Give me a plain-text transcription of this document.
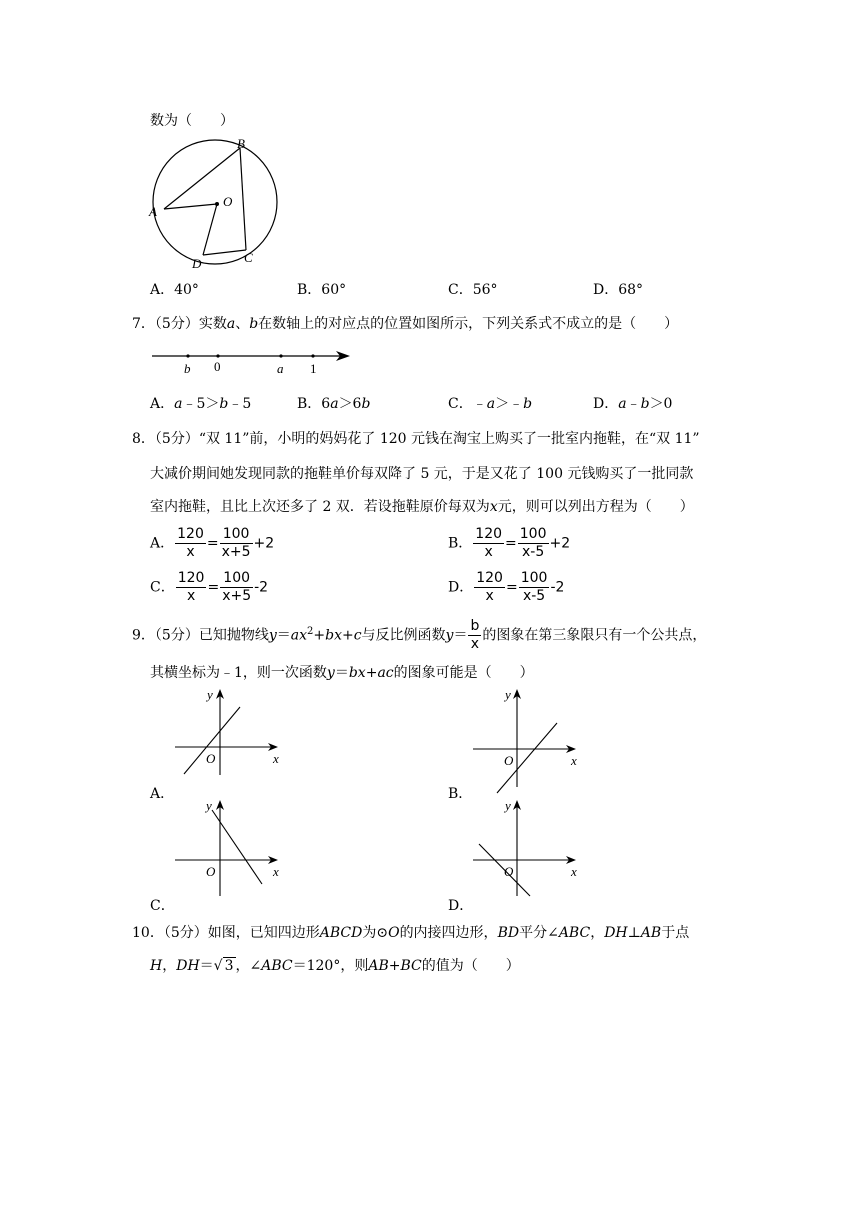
数为（　　）
A
B
O
D	C
A．40°	B．60°	C．56°	D．68°
7．（5分）实数a、b在数轴上的对应点的位置如图所示，下列关系式不成立的是（　　）
b 0	a 1
A．a﹣5＞b﹣5	B．6a＞6b	C．﹣a＞﹣b	D．a﹣b＞0
8．（5分）“双 11”前，小明的妈妈花了 120 元钱在淘宝上购买了一批室内拖鞋，在“双 11”
大减价期间她发现同款的拖鞋单价每双降了 5 元，于是又花了 100 元钱购买了一批同款
室内拖鞋，且比上次还多了 2 双．若设拖鞋原价每双为x元，则可以列出方程为（　　）
A． $\frac{120}{x} = \frac{100}{x+5} +2$	B． $\frac{120}{x} = \frac{100}{x-5} +2$
C． $\frac{120}{x} = \frac{100}{x+5} -2$	D． $\frac{120}{x} = \frac{100}{x-5} -2$
9．（5分）已知抛物线$y=ax^2+bx+c$与反比例函数$y= \frac{b}{x}$ 的图象在第三象限只有一个公共点，
其横坐标为﹣1，则一次函数y＝bx+ac的图象可能是（　　）
y
x
O
A．
y
x
O
B．
y
x
O
C．
y
x
O
D．
10．（5分）如图，已知四边形ABCD为⊙O的内接四边形，BD平分∠ABC，DH⊥AB于点
H，DH＝√ 3 ，∠ABC＝120°，则AB+BC的值为（　　）
